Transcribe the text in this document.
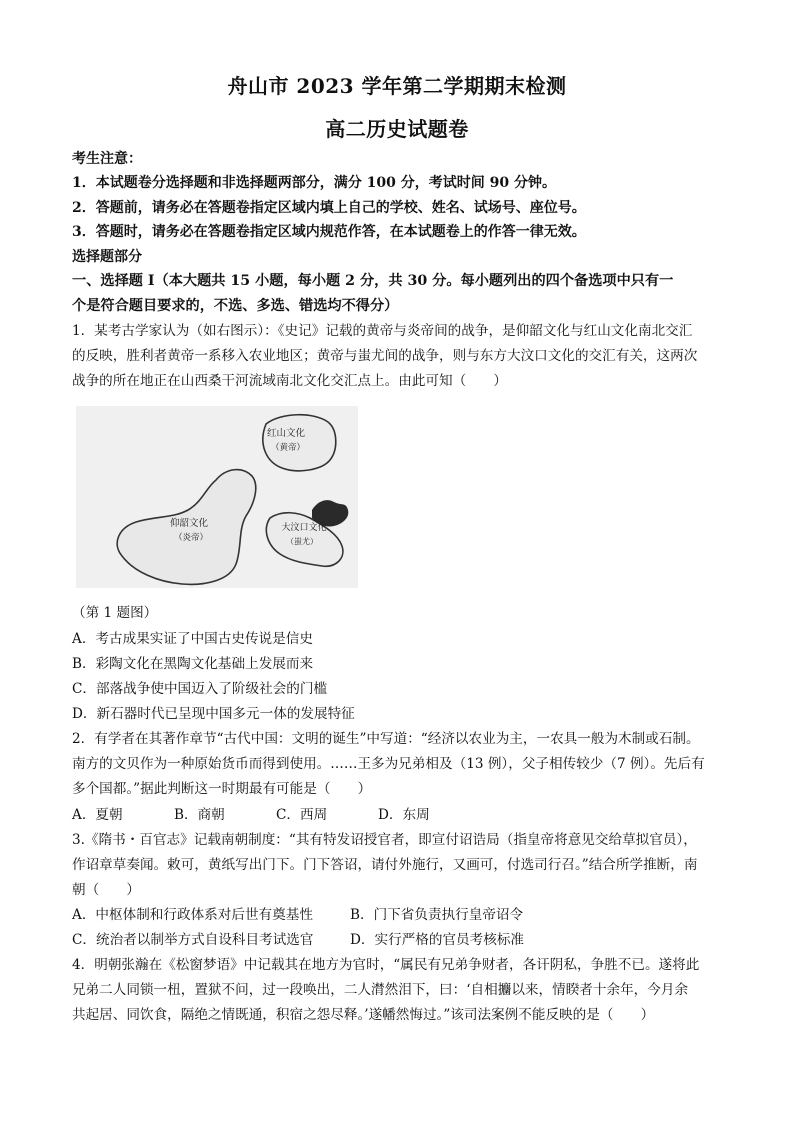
舟山市 2023 学年第二学期期末检测
高二历史试题卷
考生注意：
1．本试题卷分选择题和非选择题两部分，满分 100 分，考试时间 90 分钟。
2．答题前，请务必在答题卷指定区域内填上自己的学校、姓名、试场号、座位号。
3．答题时，请务必在答题卷指定区域内规范作答，在本试题卷上的作答一律无效。
选择题部分
一、选择题 I（本大题共 15 小题，每小题 2 分，共 30 分。每小题列出的四个备选项中只有一
个是符合题目要求的，不选、多选、错选均不得分）
1．某考古学家认为（如右图示）：《史记》记载的黄帝与炎帝间的战争，是仰韶文化与红山文化南北交汇
的反映，胜利者黄帝一系移入农业地区；黄帝与蚩尤间的战争，则与东方大汶口文化的交汇有关，这两次
战争的所在地正在山西桑干河流域南北文化交汇点上。由此可知（　　）
红山文化
（黄帝）
仰韶文化
（炎帝）
大汶口文化
（蚩尤）
（第 1 题图）
A．考古成果实证了中国古史传说是信史
B．彩陶文化在黑陶文化基础上发展而来
C．部落战争使中国迈入了阶级社会的门槛
D．新石器时代已呈现中国多元一体的发展特征
2．有学者在其著作章节“古代中国：文明的诞生”中写道：“经济以农业为主，一农具一般为木制或石制。
南方的文贝作为一种原始货币而得到使用。……王多为兄弟相及（13 例），父子相传较少（7 例）。先后有
多个国都。”据此判断这一时期最有可能是（　　）
A．夏朝	B．商朝	C．西周	D．东周
3.《隋书・百官志》记载南朝制度：“其有特发诏授官者，即宣付诏诰局（指皇帝将意见交给草拟官员），
作诏章草奏闻。敕可，黄纸写出门下。门下答诏，请付外施行，又画可，付选司行召。”结合所学推断，南
朝（　　）
A．中枢体制和行政体系对后世有奠基性	B．门下省负责执行皇帝诏令
C．统治者以制举方式自设科目考试选官	D．实行严格的官员考核标准
4．明朝张瀚在《松窗梦语》中记载其在地方为官时，“属民有兄弟争财者，各讦阴私，争胜不已。遂将此
兄弟二人同锁一杻，置狱不问，过一段唤出，二人潸然泪下，曰：‘自相攟以来，情睽者十余年，今月余
共起居、同饮食，隔绝之情既通，积宿之怨尽释。’遂幡然悔过。”该司法案例不能反映的是（　　）
